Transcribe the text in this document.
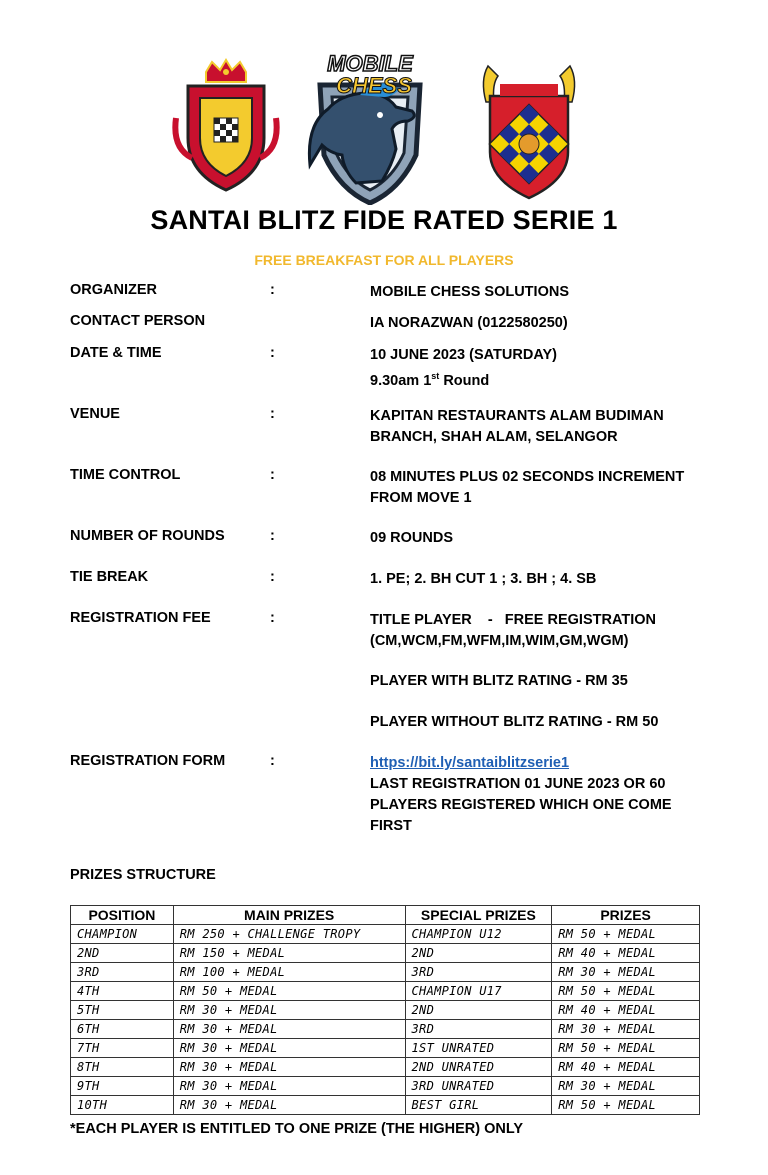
MOBILE
CHESS
SANTAI BLITZ FIDE RATED SERIE 1
FREE BREAKFAST FOR ALL PLAYERS
ORGANIZER	:	MOBILE CHESS SOLUTIONS
CONTACT PERSON	IA NORAZWAN (0122580250)
DATE & TIME	:	10 JUNE 2023 (SATURDAY)
9.30am 1st Round
VENUE	:	KAPITAN RESTAURANTS ALAM BUDIMAN
BRANCH, SHAH ALAM, SELANGOR
TIME CONTROL	:	08 MINUTES PLUS 02 SECONDS INCREMENT
FROM MOVE 1
NUMBER OF ROUNDS	:	09 ROUNDS
TIE BREAK	:	1. PE; 2. BH CUT 1 ; 3. BH ; 4. SB
REGISTRATION FEE	:	TITLE PLAYER    -   FREE REGISTRATION
(CM,WCM,FM,WFM,IM,WIM,GM,WGM)
PLAYER WITH BLITZ RATING - RM 35
PLAYER WITHOUT BLITZ RATING - RM 50
REGISTRATION FORM	:	https://bit.ly/santaiblitzserie1
LAST REGISTRATION 01 JUNE 2023 OR 60
PLAYERS REGISTERED WHICH ONE COME
FIRST
PRIZES STRUCTURE
POSITION	MAIN PRIZES	SPECIAL PRIZES	PRIZES
CHAMPION	RM 250 + CHALLENGE TROPY	CHAMPION U12	RM 50 + MEDAL
2ND	RM 150 + MEDAL	2ND	RM 40 + MEDAL
3RD	RM 100 + MEDAL	3RD	RM 30 + MEDAL
4TH	RM 50 + MEDAL	CHAMPION U17	RM 50 + MEDAL
5TH	RM 30 + MEDAL	2ND	RM 40 + MEDAL
6TH	RM 30 + MEDAL	3RD	RM 30 + MEDAL
7TH	RM 30 + MEDAL	1ST UNRATED	RM 50 + MEDAL
8TH	RM 30 + MEDAL	2ND UNRATED	RM 40 + MEDAL
9TH	RM 30 + MEDAL	3RD UNRATED	RM 30 + MEDAL
10TH	RM 30 + MEDAL	BEST GIRL	RM 50 + MEDAL
*EACH PLAYER IS ENTITLED TO ONE PRIZE (THE HIGHER) ONLY
